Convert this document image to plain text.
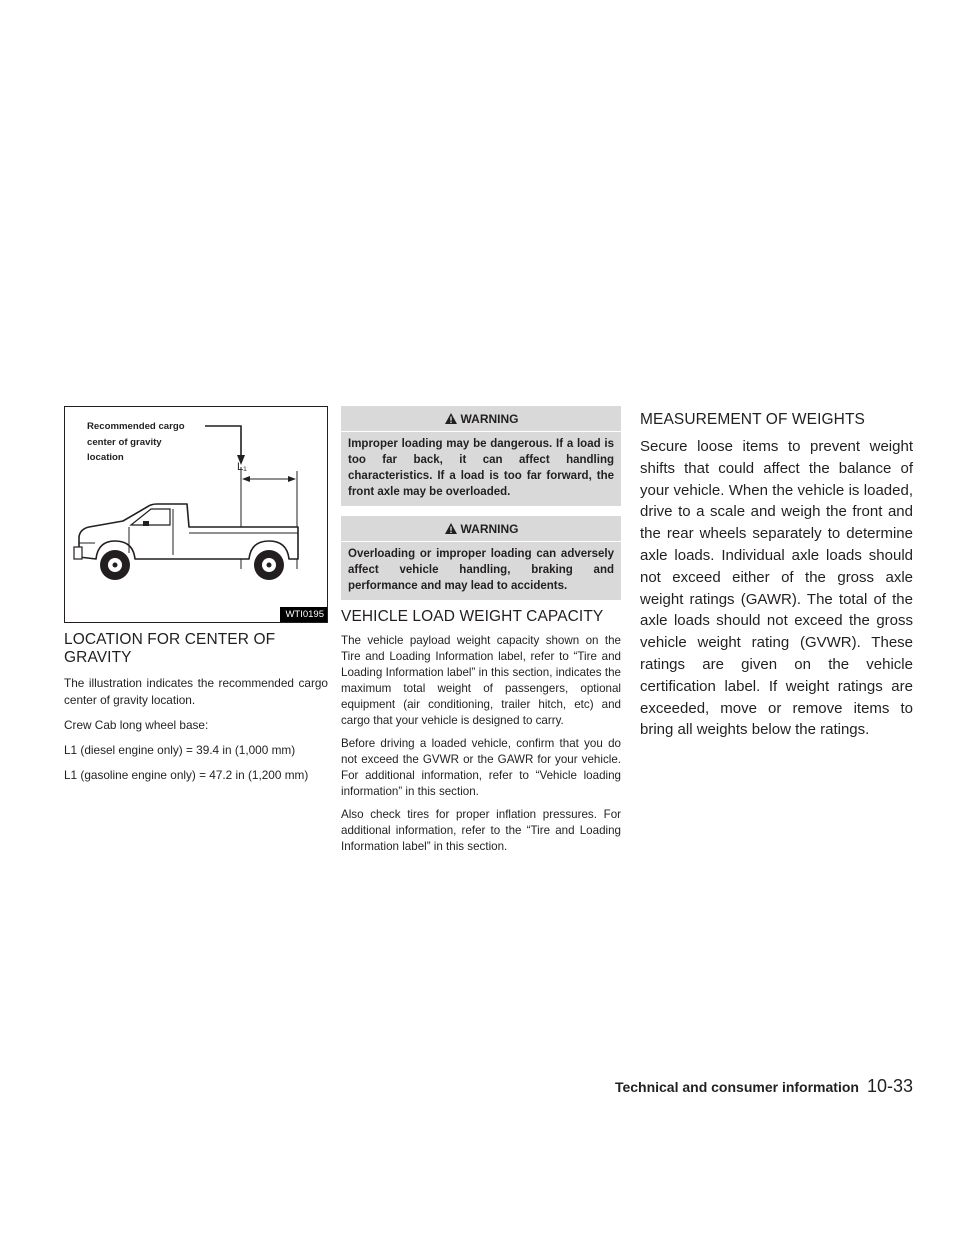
Recommended cargo
center of gravity
location
L₁
WTI0195
LOCATION FOR CENTER OF GRAVITY

The illustration indicates the recommended cargo center of gravity location.

Crew Cab long wheel base:

L1 (diesel engine only) = 39.4 in (1,000 mm)

L1 (gasoline engine only) = 47.2 in (1,200 mm)

WARNING
Improper loading may be dangerous. If a load is too far back, it can affect handling characteristics. If a load is too far forward, the front axle may be overloaded.
WARNING
Overloading or improper loading can adversely affect vehicle handling, braking and performance and may lead to accidents.
VEHICLE LOAD WEIGHT CAPACITY

The vehicle payload weight capacity shown on the Tire and Loading Information label, refer to “Tire and Loading Information label” in this section, indicates the maximum total weight of passengers, optional equipment (air conditioning, trailer hitch, etc) and cargo that your vehicle is designed to carry.

Before driving a loaded vehicle, confirm that you do not exceed the GVWR or the GAWR for your vehicle. For additional information, refer to “Vehicle loading information” in this section.

Also check tires for proper inflation pressures. For additional information, refer to the “Tire and Loading Information label” in this section.

MEASUREMENT OF WEIGHTS

Secure loose items to prevent weight shifts that could affect the balance of your vehicle. When the vehicle is loaded, drive to a scale and weigh the front and the rear wheels separately to determine axle loads. Individual axle loads should not exceed either of the gross axle weight ratings (GAWR). The total of the axle loads should not exceed the gross vehicle weight rating (GVWR). These ratings are given on the vehicle certification label. If weight ratings are exceeded, move or remove items to bring all weights below the ratings.

Technical and consumer information 10-33
